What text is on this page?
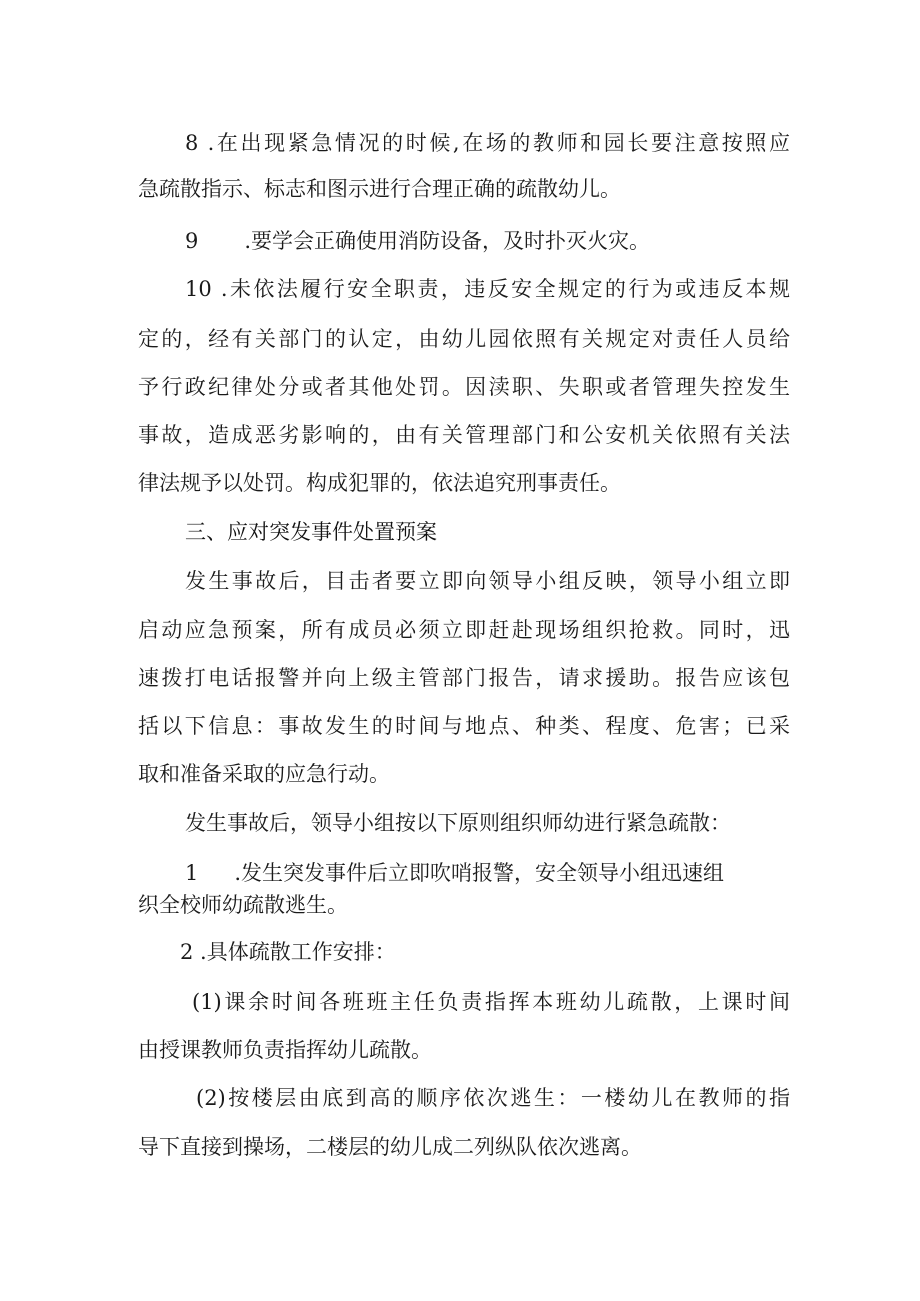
8 .在出现紧急情况的时候,在场的教师和园长要注意按照应
急疏散指示、标志和图示进行合理正确的疏散幼儿。
9 .要学会正确使用消防设备，及时扑灭火灾。
10 .未依法履行安全职责，违反安全规定的行为或违反本规
定的，经有关部门的认定，由幼儿园依照有关规定对责任人员给
予行政纪律处分或者其他处罚。因渎职、失职或者管理失控发生
事故，造成恶劣影响的，由有关管理部门和公安机关依照有关法
律法规予以处罚。构成犯罪的，依法追究刑事责任。
三、应对突发事件处置预案
发生事故后，目击者要立即向领导小组反映，领导小组立即
启动应急预案，所有成员必须立即赶赴现场组织抢救。同时，迅
速拨打电话报警并向上级主管部门报告，请求援助。报告应该包
括以下信息：事故发生的时间与地点、种类、程度、危害；已采
取和准备采取的应急行动。
发生事故后，领导小组按以下原则组织师幼进行紧急疏散：
1 .发生突发事件后立即吹哨报警，安全领导小组迅速组
织全校师幼疏散逃生。
2 .具体疏散工作安排：
(1)课余时间各班班主任负责指挥本班幼儿疏散，上课时间
由授课教师负责指挥幼儿疏散。
(2)按楼层由底到高的顺序依次逃生：一楼幼儿在教师的指
导下直接到操场，二楼层的幼儿成二列纵队依次逃离。
